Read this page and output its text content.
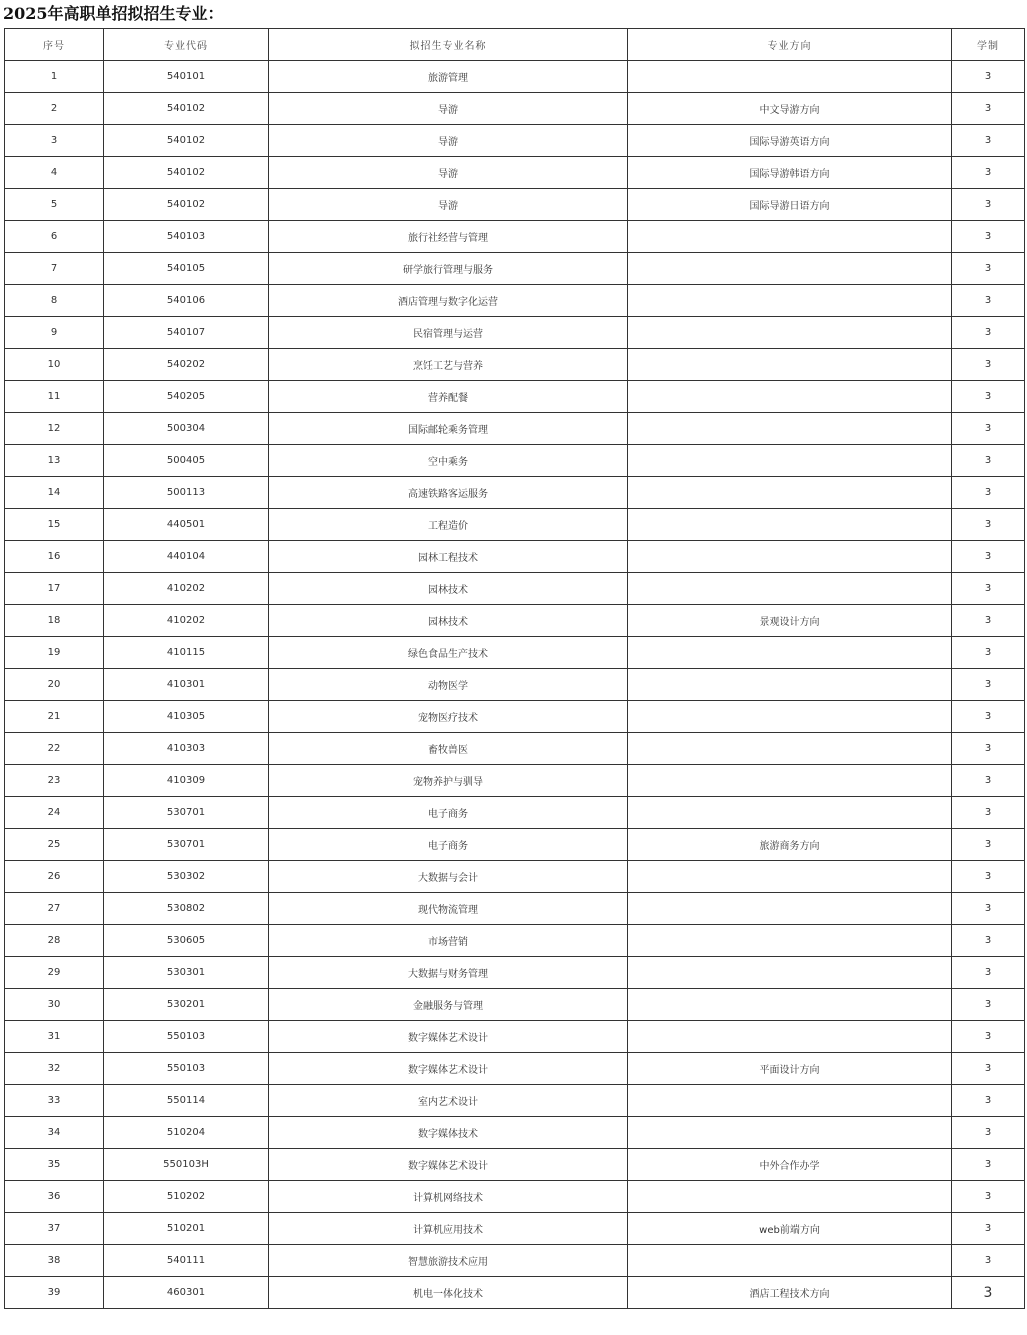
2025年高职单招拟招生专业：
序号	专业代码	拟招生专业名称	专业方向	学制
1	540101	旅游管理		3
2	540102	导游	中文导游方向	3
3	540102	导游	国际导游英语方向	3
4	540102	导游	国际导游韩语方向	3
5	540102	导游	国际导游日语方向	3
6	540103	旅行社经营与管理		3
7	540105	研学旅行管理与服务		3
8	540106	酒店管理与数字化运营		3
9	540107	民宿管理与运营		3
10	540202	烹饪工艺与营养		3
11	540205	营养配餐		3
12	500304	国际邮轮乘务管理		3
13	500405	空中乘务		3
14	500113	高速铁路客运服务		3
15	440501	工程造价		3
16	440104	园林工程技术		3
17	410202	园林技术		3
18	410202	园林技术	景观设计方向	3
19	410115	绿色食品生产技术		3
20	410301	动物医学		3
21	410305	宠物医疗技术		3
22	410303	畜牧兽医		3
23	410309	宠物养护与驯导		3
24	530701	电子商务		3
25	530701	电子商务	旅游商务方向	3
26	530302	大数据与会计		3
27	530802	现代物流管理		3
28	530605	市场营销		3
29	530301	大数据与财务管理		3
30	530201	金融服务与管理		3
31	550103	数字媒体艺术设计		3
32	550103	数字媒体艺术设计	平面设计方向	3
33	550114	室内艺术设计		3
34	510204	数字媒体技术		3
35	550103H	数字媒体艺术设计	中外合作办学	3
36	510202	计算机网络技术		3
37	510201	计算机应用技术	web前端方向	3
38	540111	智慧旅游技术应用		3
39	460301	机电一体化技术	酒店工程技术方向	3
